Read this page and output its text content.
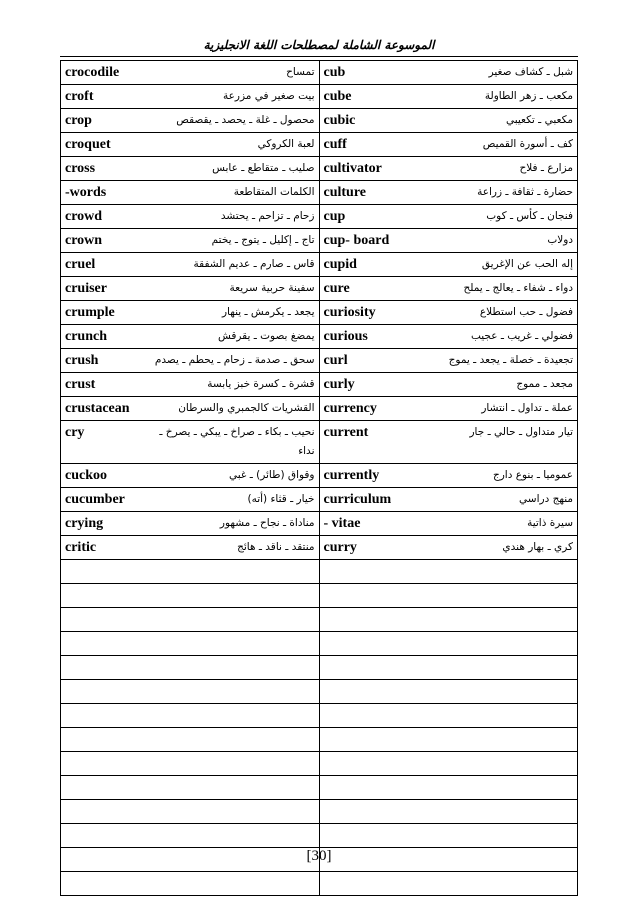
الموسوعة الشاملة لمصطلحات اللغة الانجليزية
crocodile تمساح	cub شبل ـ كشاف صغير

croft بيت صغير في مزرعة	cube مكعب ـ زهر الطاولة

crop محصول ـ غلة ـ يحصد ـ يقصقص	cubic مكعبي ـ تكعيبي

croquet لعبة الكروكي	cuff كف ـ أسورة القميص

cross صليب ـ متقاطع ـ عابس	cultivator مزارع ـ فلاح

-words الكلمات المتقاطعة	culture حضارة ـ ثقافة ـ زراعة

crowd زحام ـ تزاحم ـ يحتشد	cup فنجان ـ كأس ـ كوب

crown تاج ـ إكليل ـ يتوج ـ يختم	cup- board دولاب

cruel قاس ـ صارم ـ عديم الشفقة	cupid إله الحب عن الإغريق

cruiser سفينة حربية سريعة	cure دواء ـ شفاء ـ يعالج ـ يملح

crumple يجعد ـ يكرمش ـ ينهار	curiosity فضول ـ حب استطلاع

crunch يمضغ بصوت ـ يقرقش	curious فضولي ـ غريب ـ عجيب

crush سحق ـ صدمة ـ زحام ـ يحطم ـ يصدم	curl تجعيدة ـ خصلة ـ يجعد ـ يموج

crust قشرة ـ كسرة خبز يابسة	curly مجعد ـ مموج

crustacean القشريات كالجمبري والسرطان	currency عملة ـ تداول ـ انتشار

cry نحيب ـ بكاء ـ صراخ ـ يبكي ـ يصرخ ـ نداء	current تيار متداول ـ حالي ـ جار

cuckoo وقواق (طائر) ـ غبي	currently عموميا ـ بنوع دارج

cucumber خيار ـ قثاء (أته)	curriculum منهج دراسي

crying مناداة ـ نجاح ـ مشهور	- vitae سيرة ذاتية

critic منتقد ـ ناقد ـ هائج	curry كري ـ بهار هندي

[30]
